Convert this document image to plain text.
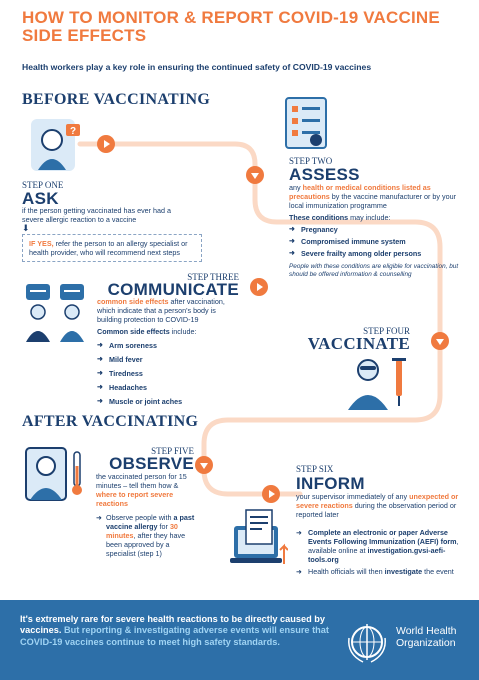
HOW TO MONITOR & REPORT COVID-19 VACCINE SIDE EFFECTS
Health workers play a key role in ensuring the continued safety of COVID-19 vaccines
BEFORE VACCINATING
?
STEP ONE
ASK
if the person getting vaccinated has ever had a severe allergic reaction to a vaccine
⬇
IF YES, refer the person to an allergy specialist or health provider, who will recommend next steps
STEP TWO
ASSESS
any health or medical conditions listed as precautions by the vaccine manufacturer or by your local immunization programme
These conditions may include:
➜ Pregnancy
➜ Compromised immune system
➜ Severe frailty among older persons
People with these conditions are eligible for vaccination, but should be offered information & counselling
STEP THREE
COMMUNICATE
common side effects after vaccination, which indicate that a person's body is building protection to COVID-19
Common side effects include:
➜ Arm soreness
➜ Mild fever
➜ Tiredness
➜ Headaches
➜ Muscle or joint aches
STEP FOUR
VACCINATE
AFTER VACCINATING
STEP FIVE
OBSERVE
the vaccinated person for 15 minutes – tell them how & where to report severe reactions
➜ Observe people with a past vaccine allergy for 30 minutes, after they have been approved by a specialist (step 1)
STEP SIX
INFORM
your supervisor immediately of any unexpected or severe reactions during the observation period or reported later
➜ Complete an electronic or paper Adverse Events Following Immunization (AEFI) form, available online at investigation.gvsi-aefi-tools.org
➜ Health officials will then investigate the event
It's extremely rare for severe health reactions to be directly caused by vaccines. But reporting & investigating adverse events will ensure that COVID-19 vaccines continue to meet high safety standards.
World Health Organization
